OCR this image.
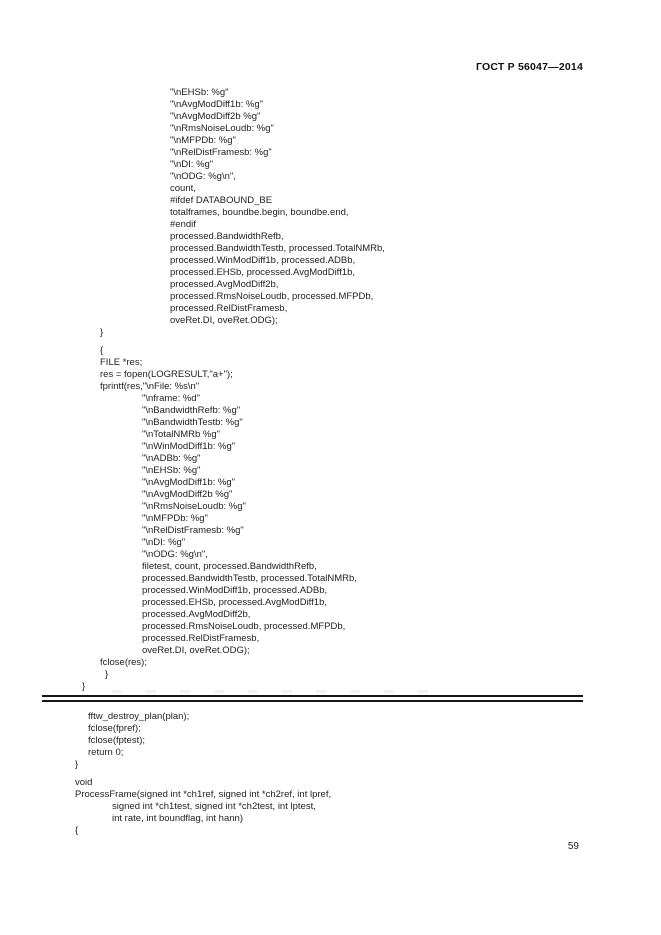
ГОСТ Р 56047—2014
"\nEHSb: %g"
"\nAvgModDiff1b: %g"
"\nAvgModDiff2b %g"
"\nRmsNoiseLoudb: %g"
"\nMFPDb: %g"
"\nRelDistFramesb: %g"
"\nDI: %g"
"\nODG: %g\n",
count,
#ifdef DATABOUND_BE
totalframes, boundbe.begin, boundbe.end,
#endif
processed.BandwidthRefb,
processed.BandwidthTestb, processed.TotalNMRb,
processed.WinModDiff1b, processed.ADBb,
processed.EHSb, processed.AvgModDiff1b,
processed.AvgModDiff2b,
processed.RmsNoiseLoudb, processed.MFPDb,
processed.RelDistFramesb,
oveRet.DI, oveRet.ODG);
}
{
FILE *res;
res = fopen(LOGRESULT,"a+");
fprintf(res,"\nFile: %s\n"
"\nframe: %d"
"\nBandwidthRefb: %g"
"\nBandwidthTestb: %g"
"\nTotalNMRb %g"
"\nWinModDiff1b: %g"
"\nADBb: %g"
"\nEHSb: %g"
"\nAvgModDiff1b: %g"
"\nAvgModDiff2b %g"
"\nRmsNoiseLoudb: %g"
"\nMFPDb: %g"
"\nRelDistFramesb: %g"
"\nDI: %g"
"\nODG: %g\n",
filetest, count, processed.BandwidthRefb,
processed.BandwidthTestb, processed.TotalNMRb,
processed.WinModDiff1b, processed.ADBb,
processed.EHSb, processed.AvgModDiff1b,
processed.AvgModDiff2b,
processed.RmsNoiseLoudb, processed.MFPDb,
processed.RelDistFramesb,
oveRet.DI, oveRet.ODG);
fclose(res);
}
}
fftw_destroy_plan(plan);
fclose(fpref);
fclose(fptest);
return 0;
}
void
ProcessFrame(signed int *ch1ref, signed int *ch2ref, int lpref,
signed int *ch1test, signed int *ch2test, int lptest,
int rate, int boundflag, int hann)
{
59
